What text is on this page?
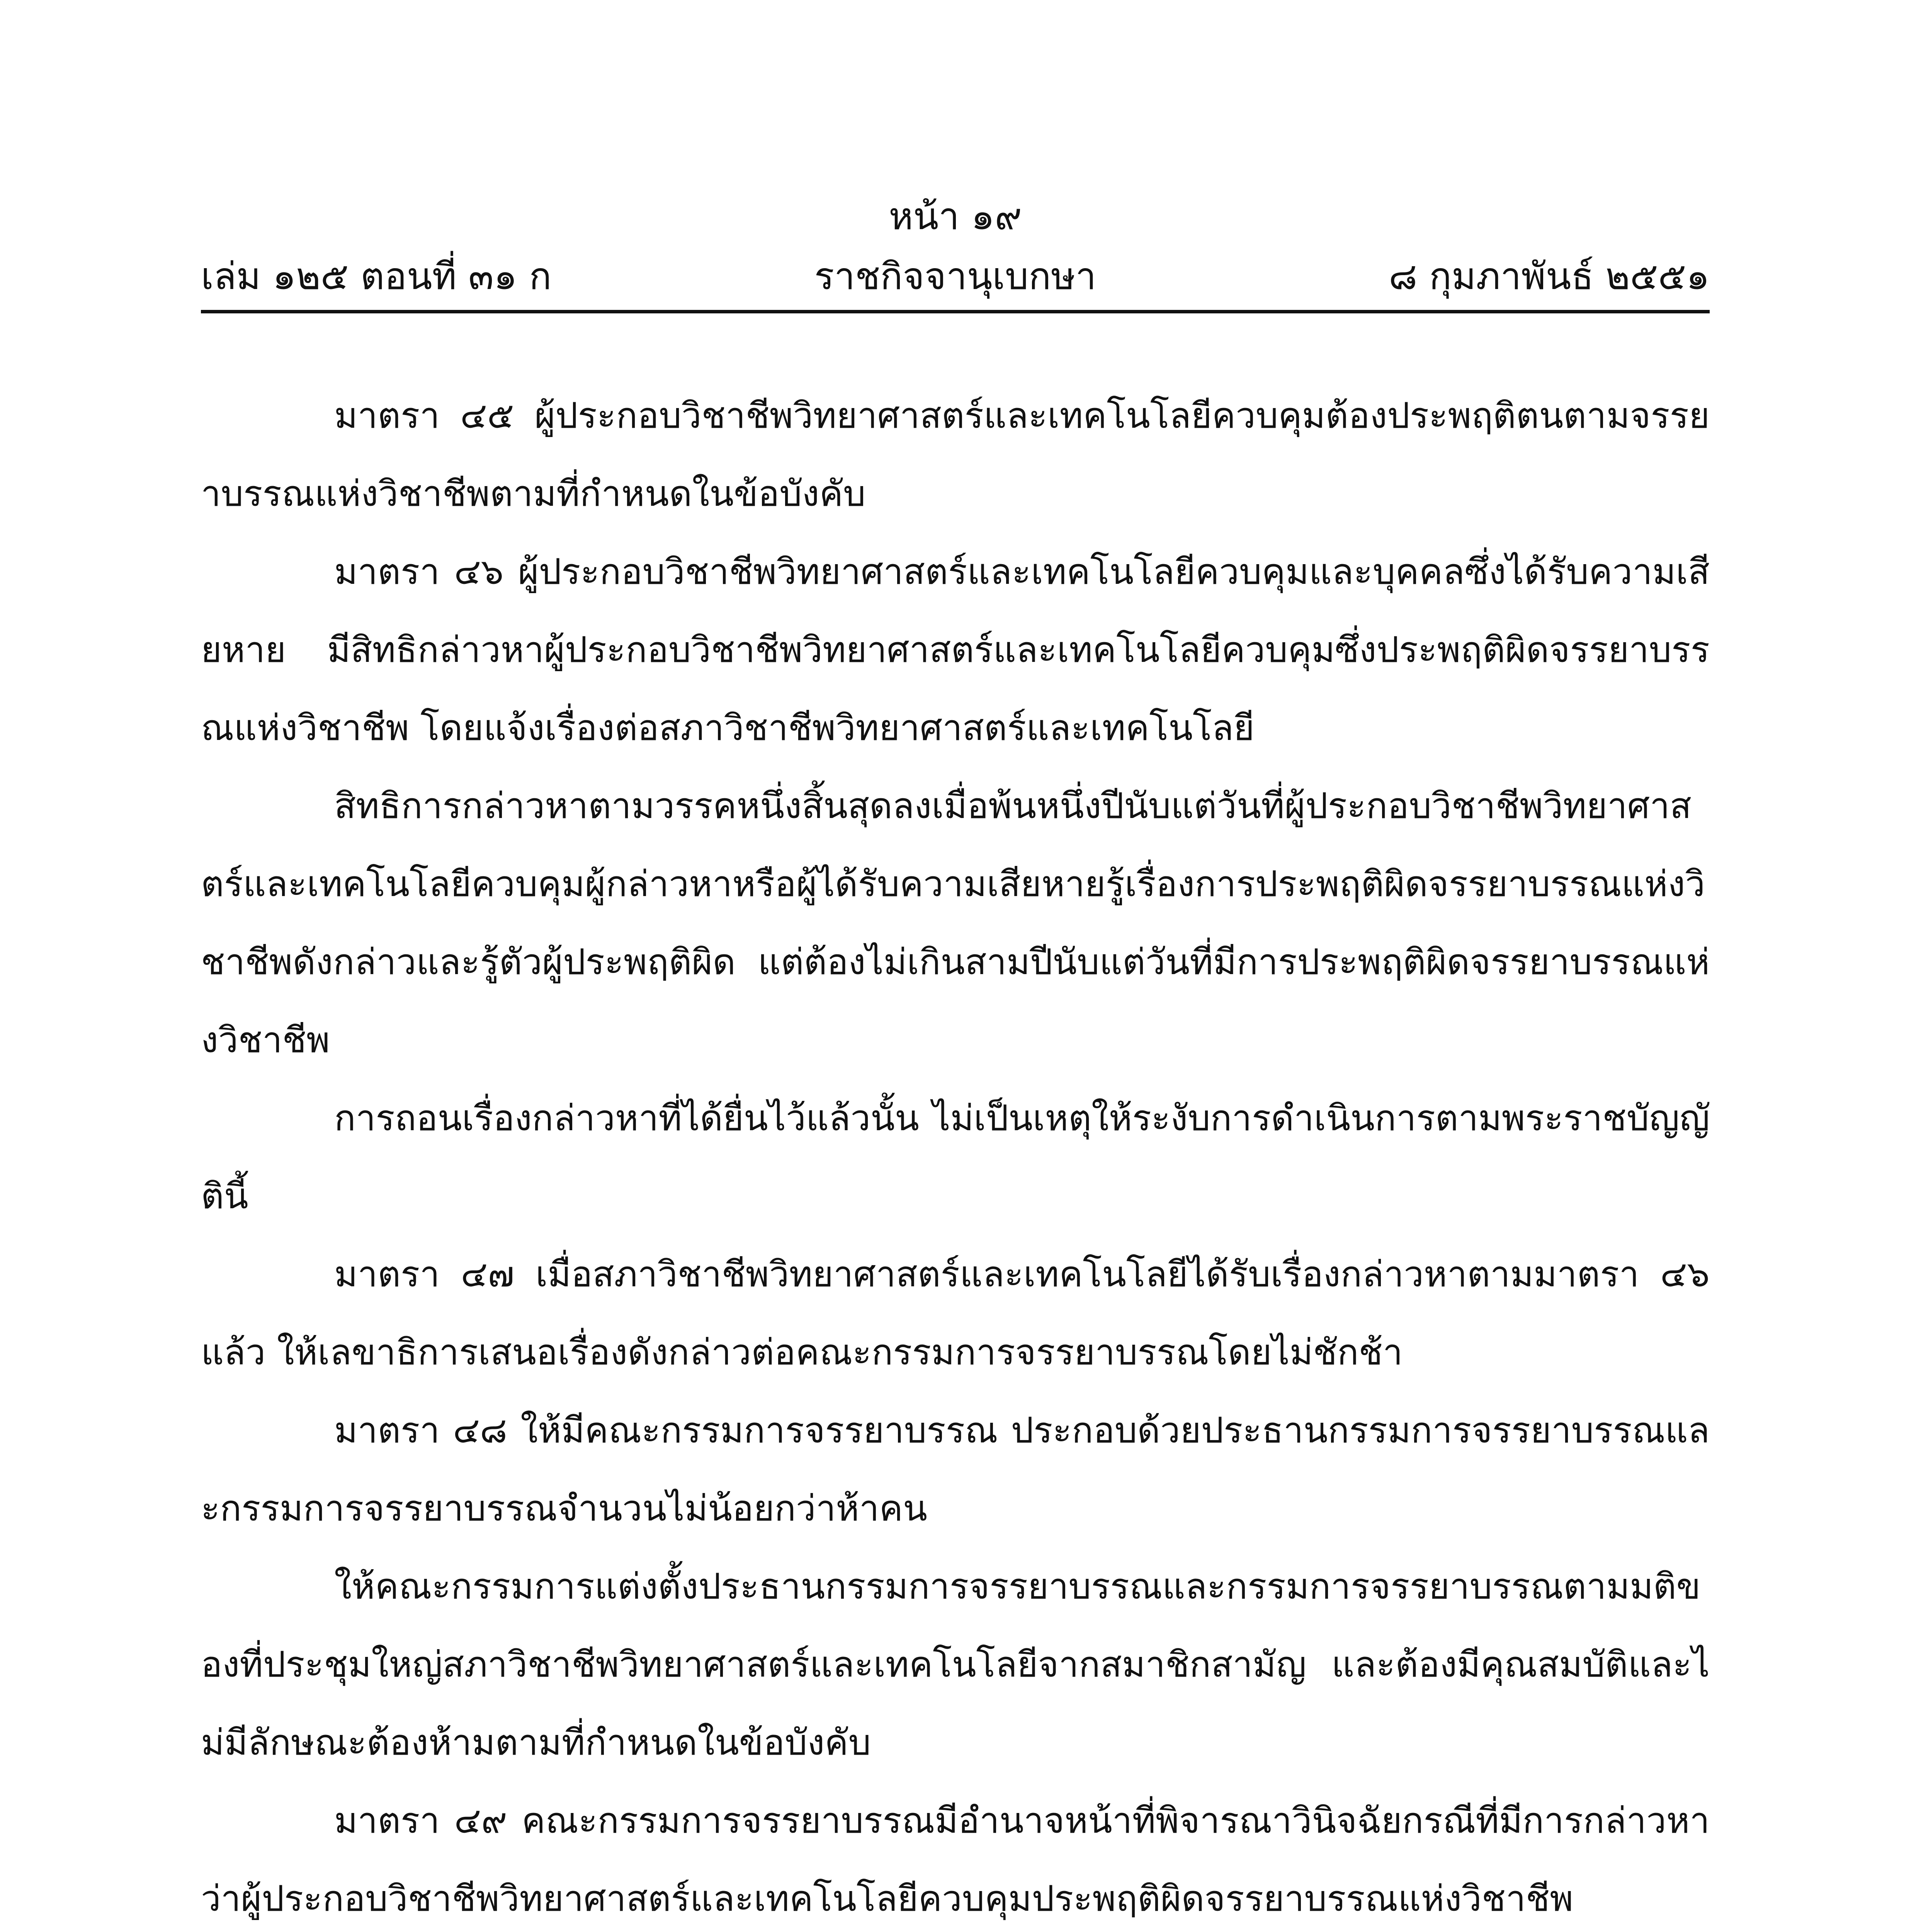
หน้า ๑๙
เล่ม ๑๒๕ ตอนที่ ๓๑ ก	ราชกิจจานุเบกษา	๘ กุมภาพันธ์ ๒๕๕๑

มาตรา ๔๕ ผู้ประกอบวิชาชีพวิทยาศาสตร์และเทคโนโลยีควบคุมต้องประพฤติตนตามจรรยาบรรณแห่งวิชาชีพตามที่กำหนดในข้อบังคับ

มาตรา ๔๖ ผู้ประกอบวิชาชีพวิทยาศาสตร์และเทคโนโลยีควบคุมและบุคคลซึ่งได้รับความเสียหาย มีสิทธิกล่าวหาผู้ประกอบวิชาชีพวิทยาศาสตร์และเทคโนโลยีควบคุมซึ่งประพฤติผิดจรรยาบรรณแห่งวิชาชีพ โดยแจ้งเรื่องต่อสภาวิชาชีพวิทยาศาสตร์และเทคโนโลยี

สิทธิการกล่าวหาตามวรรคหนึ่งสิ้นสุดลงเมื่อพ้นหนึ่งปีนับแต่วันที่ผู้ประกอบวิชาชีพวิทยาศาสตร์และเทคโนโลยีควบคุมผู้กล่าวหาหรือผู้ได้รับความเสียหายรู้เรื่องการประพฤติผิดจรรยาบรรณแห่งวิชาชีพดังกล่าวและรู้ตัวผู้ประพฤติผิด แต่ต้องไม่เกินสามปีนับแต่วันที่มีการประพฤติผิดจรรยาบรรณแห่งวิชาชีพ

การถอนเรื่องกล่าวหาที่ได้ยื่นไว้แล้วนั้น ไม่เป็นเหตุให้ระงับการดำเนินการตามพระราชบัญญัตินี้

มาตรา ๔๗ เมื่อสภาวิชาชีพวิทยาศาสตร์และเทคโนโลยีได้รับเรื่องกล่าวหาตามมาตรา ๔๖ แล้ว ให้เลขาธิการเสนอเรื่องดังกล่าวต่อคณะกรรมการจรรยาบรรณโดยไม่ชักช้า

มาตรา ๔๘ ให้มีคณะกรรมการจรรยาบรรณ ประกอบด้วยประธานกรรมการจรรยาบรรณและกรรมการจรรยาบรรณจำนวนไม่น้อยกว่าห้าคน

ให้คณะกรรมการแต่งตั้งประธานกรรมการจรรยาบรรณและกรรมการจรรยาบรรณตามมติของที่ประชุมใหญ่สภาวิชาชีพวิทยาศาสตร์และเทคโนโลยีจากสมาชิกสามัญ และต้องมีคุณสมบัติและไม่มีลักษณะต้องห้ามตามที่กำหนดในข้อบังคับ

มาตรา ๔๙ คณะกรรมการจรรยาบรรณมีอำนาจหน้าที่พิจารณาวินิจฉัยกรณีที่มีการกล่าวหาว่าผู้ประกอบวิชาชีพวิทยาศาสตร์และเทคโนโลยีควบคุมประพฤติผิดจรรยาบรรณแห่งวิชาชีพ
